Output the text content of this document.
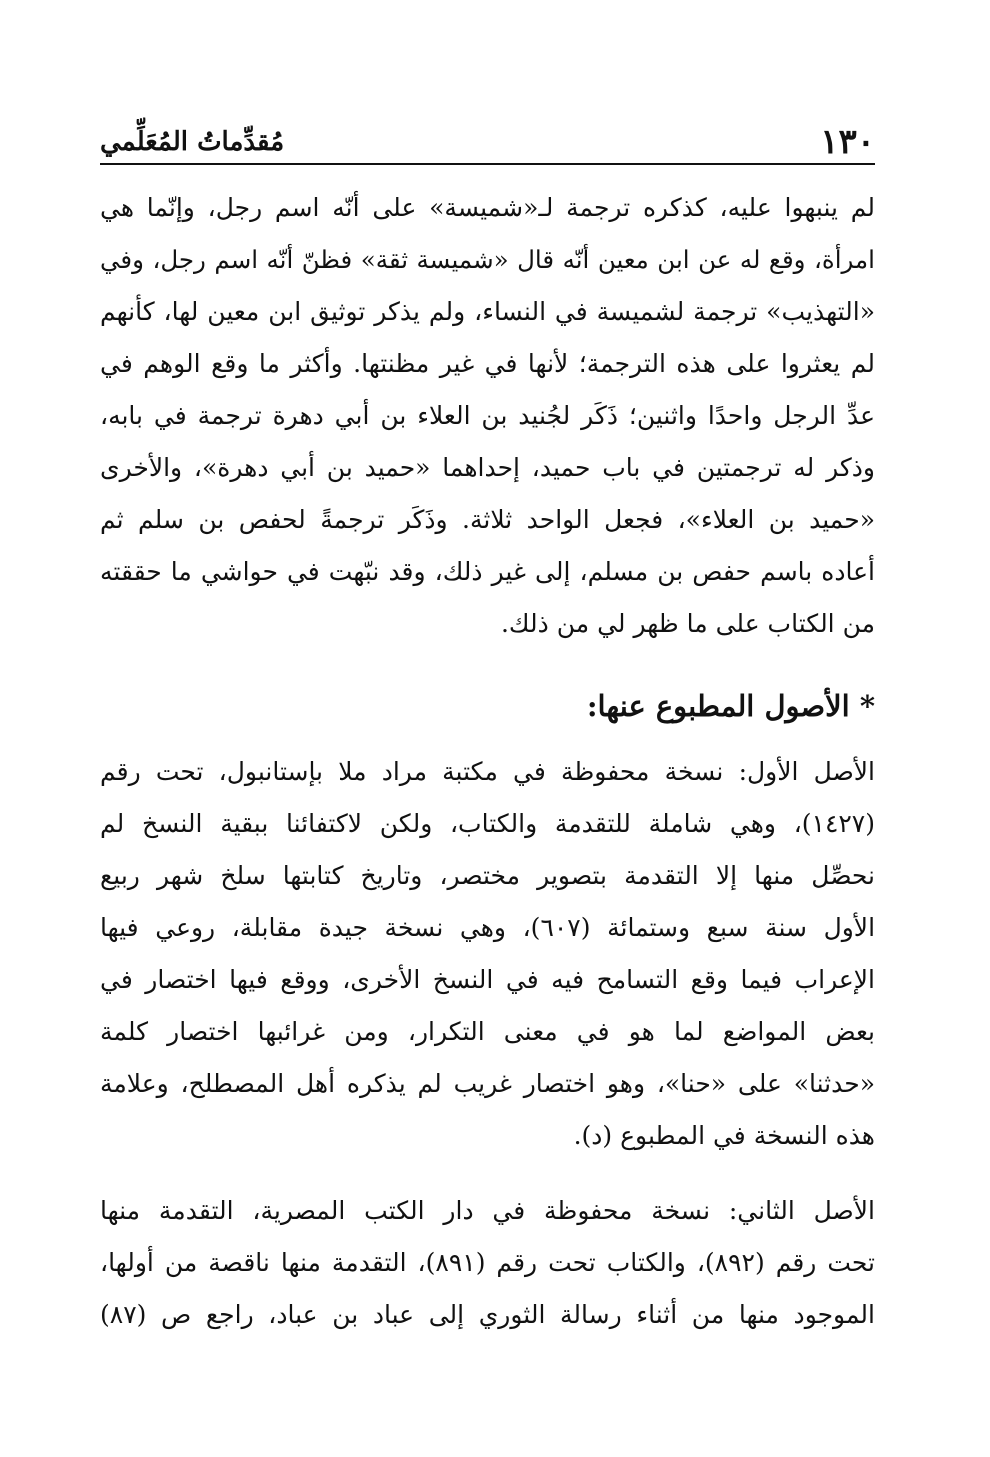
١٣٠
مُقدِّماتُ المُعَلِّمي
لم ينبهوا عليه، كذكره ترجمة لـ«شميسة» على أنّه اسم رجل، وإنّما هي
امرأة، وقع له عن ابن معين أنّه قال «شميسة ثقة» فظنّ أنّه اسم رجل، وفي
«التهذيب» ترجمة لشميسة في النساء، ولم يذكر توثيق ابن معين لها، كأنهم
لم يعثروا على هذه الترجمة؛ لأنها في غير مظنتها. وأكثر ما وقع الوهم في
عدِّ الرجل واحدًا واثنين؛ ذَكَر لجُنيد بن العلاء بن أبي دهرة ترجمة في بابه،
وذكر له ترجمتين في باب حميد، إحداهما «حميد بن أبي دهرة»، والأخرى
«حميد بن العلاء»، فجعل الواحد ثلاثة. وذَكَر ترجمةً لحفص بن سلم ثم
أعاده باسم حفص بن مسلم، إلى غير ذلك، وقد نبّهت في حواشي ما حققته
من الكتاب على ما ظهر لي من ذلك.
* الأصول المطبوع عنها:
الأصل الأول: نسخة محفوظة في مكتبة مراد ملا بإستانبول، تحت رقم
(١٤٢٧)، وهي شاملة للتقدمة والكتاب، ولكن لاكتفائنا ببقية النسخ لم
نحصِّل منها إلا التقدمة بتصوير مختصر، وتاريخ كتابتها سلخ شهر ربيع
الأول سنة سبع وستمائة (٦٠٧)، وهي نسخة جيدة مقابلة، روعي فيها
الإعراب فيما وقع التسامح فيه في النسخ الأخرى، ووقع فيها اختصار في
بعض المواضع لما هو في معنى التكرار، ومن غرائبها اختصار كلمة
«حدثنا» على «حنا»، وهو اختصار غريب لم يذكره أهل المصطلح، وعلامة
هذه النسخة في المطبوع (د).
الأصل الثاني: نسخة محفوظة في دار الكتب المصرية، التقدمة منها
تحت رقم (٨٩٢)، والكتاب تحت رقم (٨٩١)، التقدمة منها ناقصة من أولها،
الموجود منها من أثناء رسالة الثوري إلى عباد بن عباد، راجع ص (٨٧)
